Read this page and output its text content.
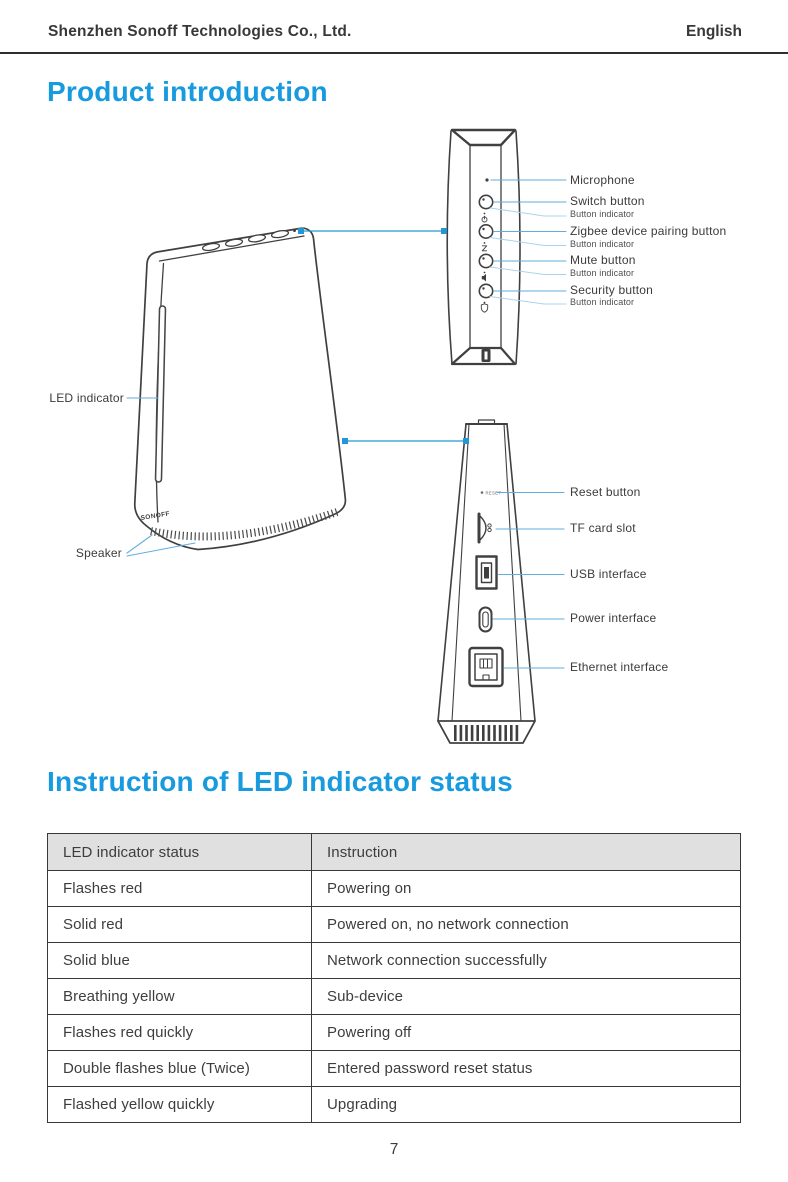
Shenzhen Sonoff Technologies Co., Ltd.	English
Product introduction
Instruction of LED indicator status
SONOFF
RESET
LED indicator
Speaker
Microphone
Switch button
Button indicator
Zigbee device pairing button
Button indicator
Mute button
Button indicator
Security button
Button indicator
Reset button
TF card slot
USB interface
Power interface
Ethernet interface
LED indicator status	Instruction
Flashes red	Powering on
Solid red	Powered on, no network connection
Solid blue	Network connection successfully
Breathing yellow	Sub-device
Flashes red quickly	Powering off
Double flashes blue (Twice)	Entered password reset status
Flashed yellow quickly	Upgrading
7
